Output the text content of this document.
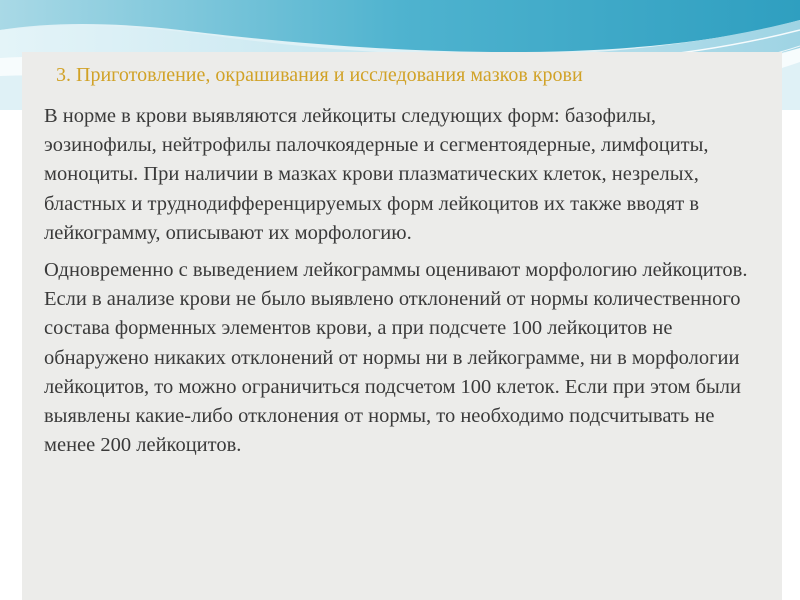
3. Приготовление, окрашивания и исследования мазков крови

В норме в крови выявляются лейкоциты следующих форм: базофилы, эозинофилы, нейтрофилы палочкоядерные и сегментоядерные, лимфоциты, моноциты. При наличии в мазках крови плазматических клеток, незрелых, бластных и труднодифференцируемых форм лейкоцитов их также вводят в лейкограмму, описывают их морфологию.

Одновременно с выведением лейкограммы оценивают морфологию лейкоцитов. Если в анализе крови не было выявлено отклонений от нормы количественного состава форменных элементов крови, а при подсчете 100 лейкоцитов не обнаружено никаких отклонений от нормы ни в лейкограмме, ни в морфологии лейкоцитов, то можно ограничиться подсчетом 100 клеток. Если при этом были выявлены какие-либо отклонения от нормы, то необходимо подсчитывать не менее 200 лейкоцитов.
